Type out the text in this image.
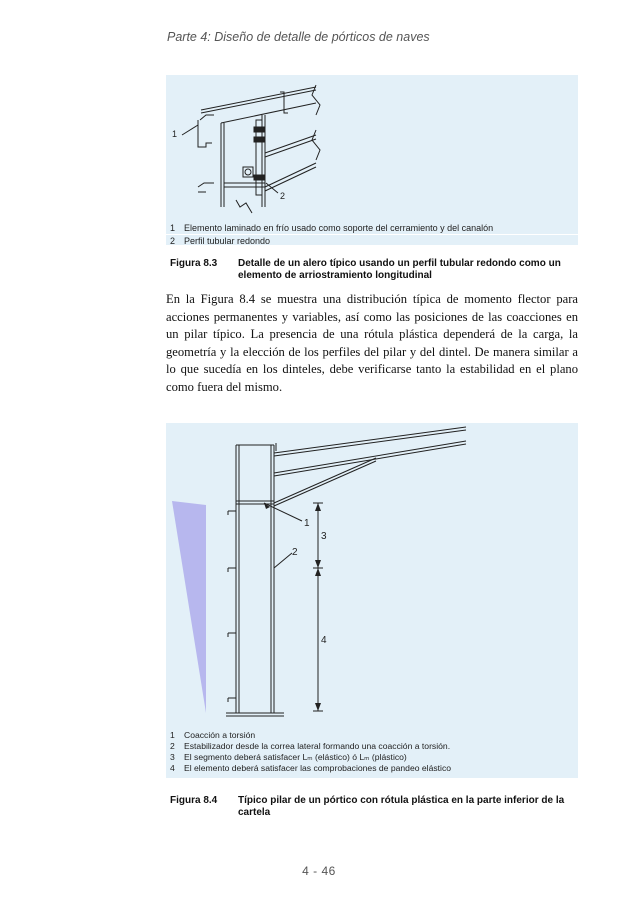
Parte 4: Diseño de detalle de pórticos de naves
1
2
1 Elemento laminado en frío usado como soporte del cerramiento y del canalón
2 Perfil tubular redondo
Figura 8.3	Detalle de un alero típico usando un perfil tubular redondo como un elemento de arriostramiento longitudinal
En la Figura 8.4 se muestra una distribución típica de momento flector para acciones permanentes y variables, así como las posiciones de las coacciones en un pilar típico. La presencia de una rótula plástica dependerá de la carga, la geometría y la elección de los perfiles del pilar y del dintel. De manera similar a lo que sucedía en los dinteles, debe verificarse tanto la estabilidad en el plano como fuera del mismo.
1
2
3
4
1	Coacción a torsión
2	Estabilizador desde la correa lateral formando una coacción a torsión.
3	El segmento deberá satisfacer Lₘ (elástico) ó Lₘ (plástico)
4	El elemento deberá satisfacer las comprobaciones de pandeo elástico
Figura 8.4	Típico pilar de un pórtico con rótula plástica en la parte inferior de la cartela
4 - 46
